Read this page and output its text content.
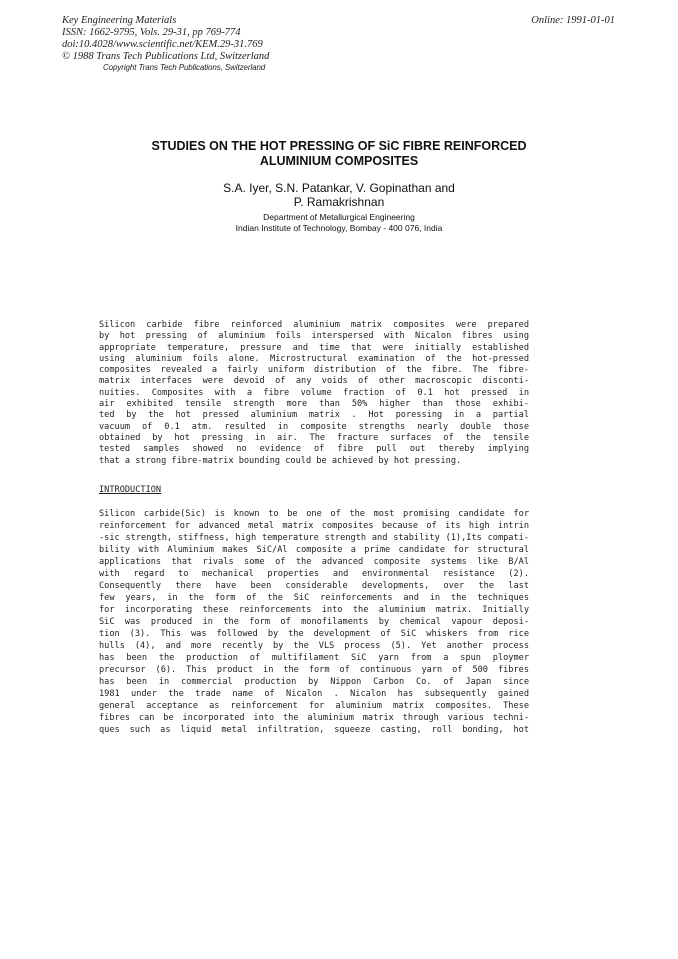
Key Engineering Materials
ISSN: 1662-9795, Vols. 29-31, pp 769-774
doi:10.4028/www.scientific.net/KEM.29-31.769
© 1988 Trans Tech Publications Ltd, Switzerland
Online: 1991-01-01
Copyright Trans Tech Publications, Switzerland
STUDIES ON THE HOT PRESSING OF SiC FIBRE REINFORCED
ALUMINIUM COMPOSITES
S.A. Iyer, S.N. Patankar, V. Gopinathan and
P. Ramakrishnan
Department of Metallurgical Engineering
Indian Institute of Technology, Bombay - 400 076, India
Silicon carbide fibre reinforced aluminium matrix composites were prepared
by hot pressing of aluminium foils interspersed with Nicalon fibres using
appropriate temperature, pressure and time that were initially established
using aluminium foils alone. Microstructural examination of the hot-pressed
composites revealed a fairly uniform distribution of the fibre. The fibre-
matrix interfaces were devoid of any voids of other macroscopic disconti-
nuities. Composites with a fibre volume fraction of 0.1 hot pressed in
air exhibited tensile strength more than 50% higher than those exhibi-
ted by the hot pressed aluminium matrix . Hot poressing in a partial
vacuum of 0.1 atm. resulted in composite strengths nearly double those
obtained by hot pressing in air. The fracture surfaces of the tensile
tested samples showed no evidence of fibre pull out thereby implying
that a strong fibre-matrix bounding could be achieved by hot pressing.
INTRODUCTION
Silicon carbide(Sic) is known to be one of the most promising candidate for
reinforcement for advanced metal matrix composites because of its high intrin
-sic strength, stiffness, high temperature strength and stability (1),Its compati-
bility with Aluminium makes SiC/Al composite a prime candidate for structural
applications that rivals some of the advanced composite systems like B/Al
with regard to mechanical properties and environmental resistance (2).
Consequently there have been considerable developments, over the last
few years, in the form of the SiC reinforcements and in the techniques
for incorporating these reinforcements into the aluminium matrix. Initially
SiC was produced in the form of monofilaments by chemical vapour deposi-
tion (3). This was followed by the development of SiC whiskers from rice
hulls (4), and more recently by the VLS process (5). Yet another process
has been the production of multifilament SiC yarn from a spun ploymer
precursor (6). This product in the form of continuous yarn of 500 fibres
has been in commercial production by Nippon Carbon Co. of Japan since
1981 under the trade name of Nicalon . Nicalon has subsequently gained
general acceptance as reinforcement for aluminium matrix composites. These
fibres can be incorporated into the aluminium matrix through various techni-
ques such as liquid metal infiltration, squeeze casting, roll bonding, hot
